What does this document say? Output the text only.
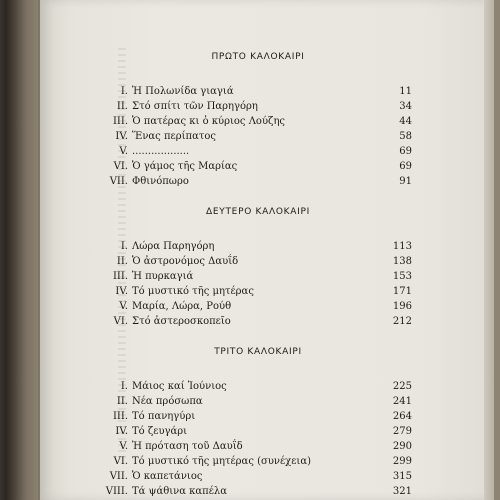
ΠΡΩΤΟ ΚΑΛΟΚΑΙΡΙ
I. Ἡ Πολωνίδα γιαγιά	11
II. Στό σπίτι τῶν Παρηγόρη	34
III. Ὁ πατέρας κι ὁ κύριος Λούζης	44
IV. Ἕνας περίπατος	58
V. ..................	69
VI. Ὁ γάμος τῆς Μαρίας	69
VII. Φθινόπωρο	91
ΔΕΥΤΕΡΟ ΚΑΛΟΚΑΙΡΙ
I. Λώρα Παρηγόρη	113
II. Ὁ ἀστρονόμος Δαυΐδ	138
III. Ἡ πυρκαγιά	153
IV. Τό μυστικό τῆς μητέρας	171
V. Μαρία, Λώρα, Ρούθ	196
VI. Στό ἀστεροσκοπεῖο	212
ΤΡΙΤΟ ΚΑΛΟΚΑΙΡΙ
I. Μάιος καί Ἰούνιος	225
II. Νέα πρόσωπα	241
III. Τό πανηγύρι	264
IV. Τό ζευγάρι	279
V. Ἡ πρόταση τοῦ Δαυΐδ	290
VI. Τό μυστικό τῆς μητέρας (συνέχεια)	299
VII. Ὁ καπετάνιος	315
VIII. Τά ψάθινα καπέλα	321
